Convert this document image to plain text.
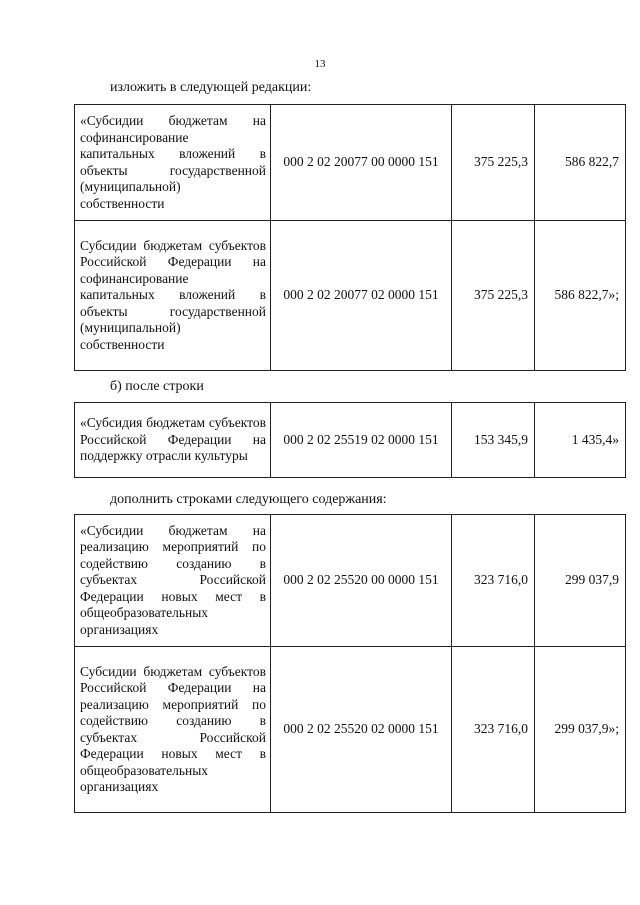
13
изложить в следующей редакции:
«Субсидии бюджетам на софинансирование капитальных вложений в объекты государственной (муниципальной) собственности	000 2 02 20077 00 0000 151	375 225,3	586 822,7
Субсидии бюджетам субъектов Российской Федерации на софинансирование капитальных вложений в объекты государственной (муниципальной) собственности	000 2 02 20077 02 0000 151	375 225,3	586 822,7»;
б) после строки
«Субсидия бюджетам субъектов Российской Федерации на поддержку отрасли культуры	000 2 02 25519 02 0000 151	153 345,9	1 435,4»
дополнить строками следующего содержания:
«Субсидии бюджетам на реализацию мероприятий по содействию созданию в субъектах Российской Федерации новых мест в общеобразовательных организациях	000 2 02 25520 00 0000 151	323 716,0	299 037,9
Субсидии бюджетам субъектов Российской Федерации на реализацию мероприятий по содействию созданию в субъектах Российской Федерации новых мест в общеобразовательных организациях	000 2 02 25520 02 0000 151	323 716,0	299 037,9»;
